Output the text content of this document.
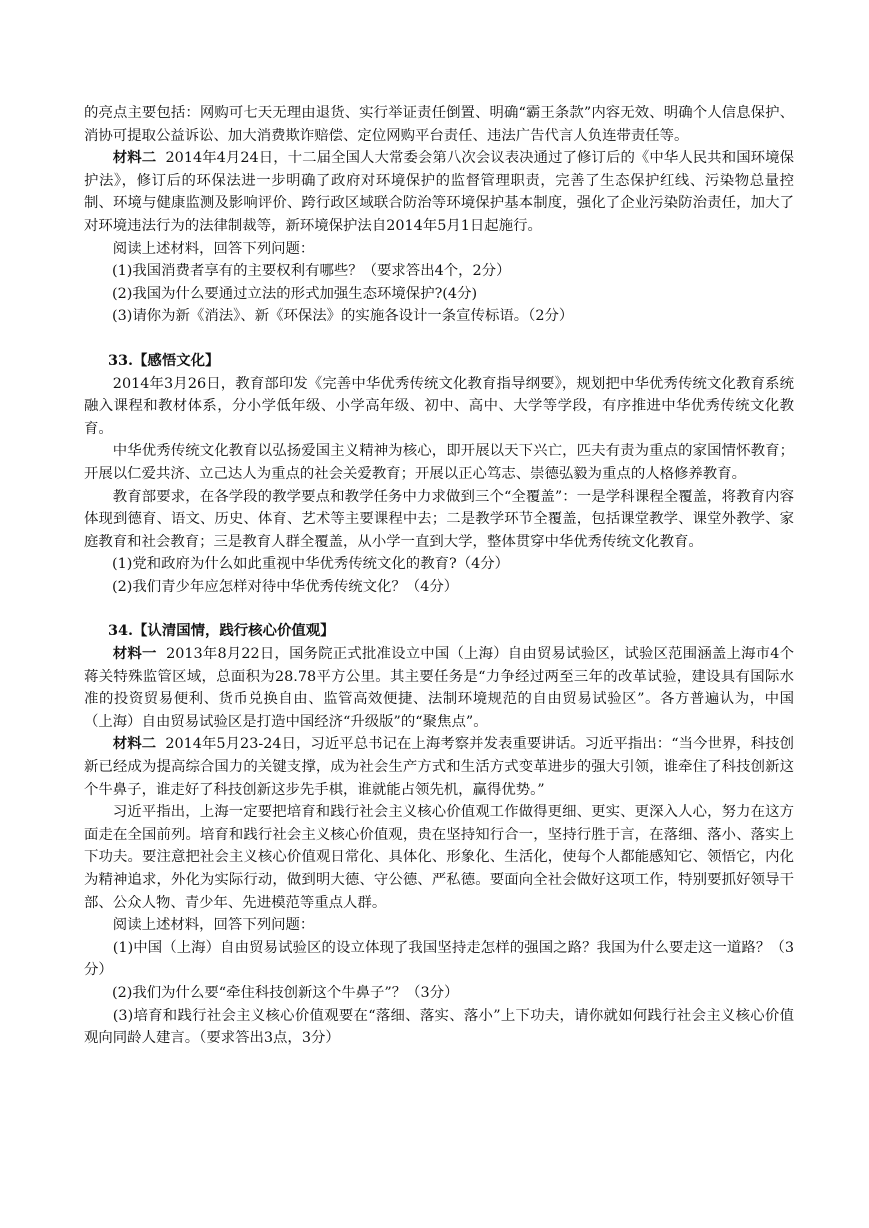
的亮点主要包括：网购可七天无理由退货、实行举证责任倒置、明确“霸王条款”内容无效、明确个人信息保护、消协可提取公益诉讼、加大消费欺诈赔偿、定位网购平台责任、违法广告代言人负连带责任等。

材料二 2014年4月24日，十二届全国人大常委会第八次会议表决通过了修订后的《中华人民共和国环境保护法》，修订后的环保法进一步明确了政府对环境保护的监督管理职责，完善了生态保护红线、污染物总量控制、环境与健康监测及影响评价、跨行政区域联合防治等环境保护基本制度，强化了企业污染防治责任，加大了对环境违法行为的法律制裁等，新环境保护法自2014年5月1日起施行。

阅读上述材料，回答下列问题：

(1)我国消费者享有的主要权利有哪些？（要求答出4个，2分）

(2)我国为什么要通过立法的形式加强生态环境保护?(4分)

(3)请你为新《消法》、新《环保法》的实施各设计一条宣传标语。（2分）

33.【感悟文化】

2014年3月26日，教育部印发《完善中华优秀传统文化教育指导纲要》，规划把中华优秀传统文化教育系统融入课程和教材体系，分小学低年级、小学高年级、初中、高中、大学等学段，有序推进中华优秀传统文化教育。

中华优秀传统文化教育以弘扬爱国主义精神为核心，即开展以天下兴亡，匹夫有责为重点的家国情怀教育；开展以仁爱共济、立己达人为重点的社会关爱教育；开展以正心笃志、崇德弘毅为重点的人格修养教育。

教育部要求，在各学段的教学要点和教学任务中力求做到三个“全覆盖”：一是学科课程全覆盖，将教育内容体现到德育、语文、历史、体育、艺术等主要课程中去；二是教学环节全覆盖，包括课堂教学、课堂外教学、家庭教育和社会教育；三是教育人群全覆盖，从小学一直到大学，整体贯穿中华优秀传统文化教育。

(1)党和政府为什么如此重视中华优秀传统文化的教育?（4分）

(2)我们青少年应怎样对待中华优秀传统文化？（4分）

34.【认清国情，践行核心价值观】

材料一 2013年8月22日，国务院正式批准设立中国（上海）自由贸易试验区，试验区范围涵盖上海市4个蒋关特殊监管区域，总面积为28.78平方公里。其主要任务是“力争经过两至三年的改革试验，建设具有国际水准的投资贸易便利、货币兑换自由、监管高效便捷、法制环境规范的自由贸易试验区”。各方普遍认为，中国（上海）自由贸易试验区是打造中国经济“升级版”的“聚焦点”。

材料二 2014年5月23-24日，习近平总书记在上海考察并发表重要讲话。习近平指出：“当今世界，科技创新已经成为提高综合国力的关键支撑，成为社会生产方式和生活方式变革进步的强大引领，谁牵住了科技创新这个牛鼻子，谁走好了科技创新这步先手棋，谁就能占领先机，赢得优势。”

习近平指出，上海一定要把培育和践行社会主义核心价值观工作做得更细、更实、更深入人心，努力在这方面走在全国前列。培育和践行社会主义核心价值观，贵在坚持知行合一，坚持行胜于言，在落细、落小、落实上下功夫。要注意把社会主义核心价值观日常化、具体化、形象化、生活化，使每个人都能感知它、领悟它，内化为精神追求，外化为实际行动，做到明大德、守公德、严私德。要面向全社会做好这项工作，特别要抓好领导干部、公众人物、青少年、先进模范等重点人群。

阅读上述材料，回答下列问题：

(1)中国（上海）自由贸易试验区的设立体现了我国坚持走怎样的强国之路？我国为什么要走这一道路？（3分）

(2)我们为什么要“牵住科技创新这个牛鼻子”？（3分）

(3)培育和践行社会主义核心价值观要在“落细、落实、落小”上下功夫，请你就如何践行社会主义核心价值观向同龄人建言。（要求答出3点，3分）
